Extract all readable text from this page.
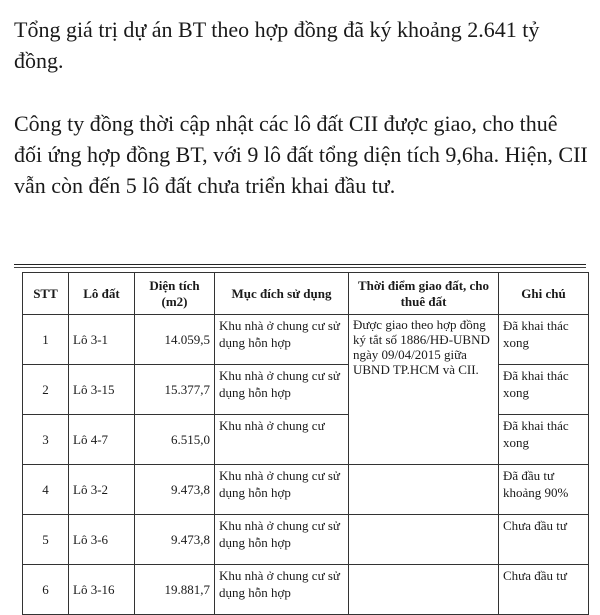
Tổng giá trị dự án BT theo hợp đồng đã ký khoảng 2.641 tỷ đồng.

Công ty đồng thời cập nhật các lô đất CII được giao, cho thuê đối ứng hợp đồng BT, với 9 lô đất tổng diện tích 9,6ha. Hiện, CII vẫn còn đến 5 lô đất chưa triển khai đầu tư.

STT	Lô đất	Diện tích (m2)	Mục đích sử dụng	Thời điểm giao đất, cho thuê đất	Ghi chú
1	Lô 3-1	14.059,5	Khu nhà ở chung cư sử dụng hỗn hợp	Được giao theo hợp đồng ký tắt số 1886/HĐ-UBND ngày 09/04/2015 giữa UBND TP.HCM và CII.	Đã khai thác xong
2	Lô 3-15	15.377,7	Khu nhà ở chung cư sử dụng hỗn hợp		Đã khai thác xong
3	Lô 4-7	6.515,0	Khu nhà ở chung cư		Đã khai thác xong
4	Lô 3-2	9.473,8	Khu nhà ở chung cư sử dụng hỗn hợp		Đã đầu tư khoảng 90%
5	Lô 3-6	9.473,8	Khu nhà ở chung cư sử dụng hỗn hợp		Chưa đầu tư
6	Lô 3-16	19.881,7	Khu nhà ở chung cư sử dụng hỗn hợp		Chưa đầu tư
